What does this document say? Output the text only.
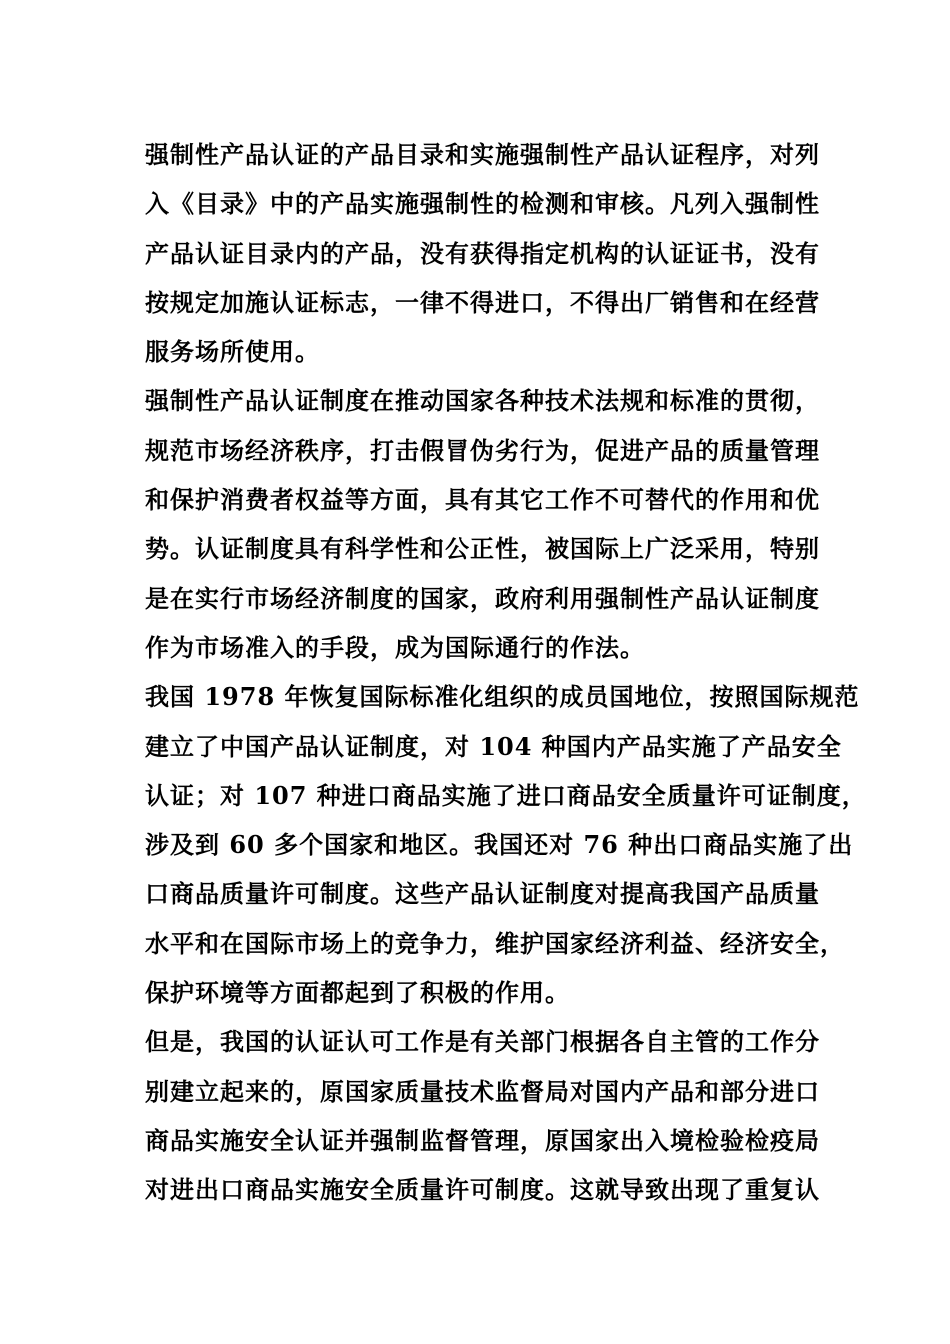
强制性产品认证的产品目录和实施强制性产品认证程序，对列
入《目录》中的产品实施强制性的检测和审核。凡列入强制性
产品认证目录内的产品，没有获得指定机构的认证证书，没有
按规定加施认证标志，一律不得进口，不得出厂销售和在经营
服务场所使用。
强制性产品认证制度在推动国家各种技术法规和标准的贯彻，
规范市场经济秩序，打击假冒伪劣行为，促进产品的质量管理
和保护消费者权益等方面，具有其它工作不可替代的作用和优
势。认证制度具有科学性和公正性，被国际上广泛采用，特别
是在实行市场经济制度的国家，政府利用强制性产品认证制度
作为市场准入的手段，成为国际通行的作法。
我国 1978 年恢复国际标准化组织的成员国地位，按照国际规范
建立了中国产品认证制度，对 104 种国内产品实施了产品安全
认证；对 107 种进口商品实施了进口商品安全质量许可证制度，
涉及到 60 多个国家和地区。我国还对 76 种出口商品实施了出
口商品质量许可制度。这些产品认证制度对提高我国产品质量
水平和在国际市场上的竞争力，维护国家经济利益、经济安全，
保护环境等方面都起到了积极的作用。
但是，我国的认证认可工作是有关部门根据各自主管的工作分
别建立起来的，原国家质量技术监督局对国内产品和部分进口
商品实施安全认证并强制监督管理，原国家出入境检验检疫局
对进出口商品实施安全质量许可制度。这就导致出现了重复认
